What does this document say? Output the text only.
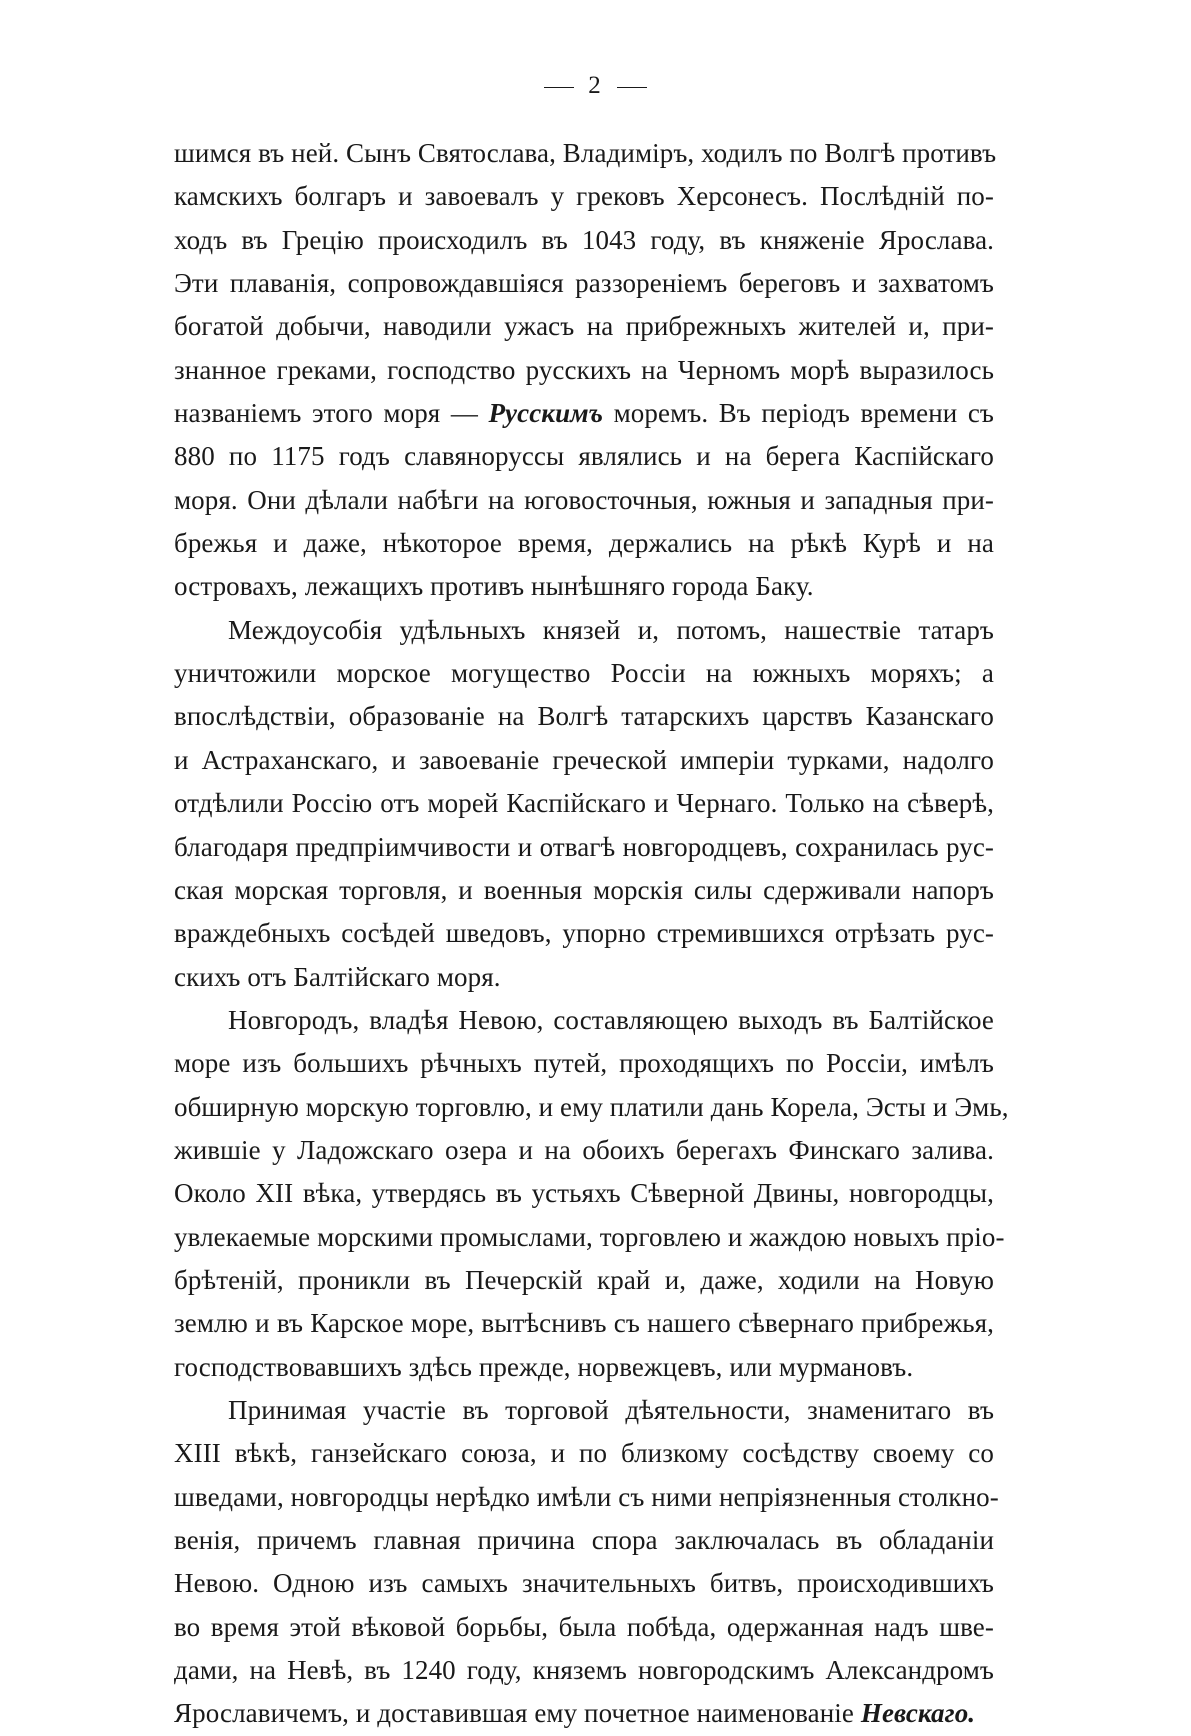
2
шимся въ ней. Сынъ Святослава, Владиміръ, ходилъ по Волгѣ противъ
камскихъ болгаръ и завоевалъ у грековъ Херсонесъ. Послѣдній по-
ходъ въ Грецію происходилъ въ 1043 году, въ княженіе Ярослава.
Эти плаванія, сопровождавшіяся раззореніемъ береговъ и захватомъ
богатой добычи, наводили ужасъ на прибрежныхъ жителей и, при-
знанное греками, господство русскихъ на Черномъ морѣ выразилось
названіемъ этого моря — Русскимъ моремъ. Въ періодъ времени съ
880 по 1175 годъ славянорусcы являлись и на берега Каспійскаго
моря. Они дѣлали набѣги на юговосточныя, южныя и западныя при-
брежья и даже, нѣкоторое время, держались на рѣкѣ Курѣ и на
островахъ, лежащихъ противъ нынѣшняго города Баку.
Междоусобія удѣльныхъ князей и, потомъ, нашествіе татаръ
уничтожили морское могущество Россіи на южныхъ моряхъ; а
впослѣдствіи, образованіе на Волгѣ татарскихъ царствъ Казанскаго
и Астраханскаго, и завоеваніе греческой имперіи турками, надолго
отдѣлили Россію отъ морей Каспійскаго и Чернаго. Только на сѣверѣ,
благодаря предпріимчивости и отвагѣ новгородцевъ, сохранилась рус-
ская морская торговля, и военныя морскія силы сдерживали напоръ
враждебныхъ сосѣдей шведовъ, упорно стремившихся отрѣзать рус-
скихъ отъ Балтійскаго моря.
Новгородъ, владѣя Невою, составляющею выходъ въ Балтійское
море изъ большихъ рѣчныхъ путей, проходящихъ по Россіи, имѣлъ
обширную морскую торговлю, и ему платили дань Корела, Эсты и Эмь,
жившіе у Ладожскаго озера и на обоихъ берегахъ Финскаго залива.
Около XII вѣка, утвердясь въ устьяхъ Сѣверной Двины, новгородцы,
увлекаемые морскими промыслами, торговлею и жаждою новыхъ пріо-
брѣтеній, проникли въ Печерскій край и, даже, ходили на Новую
землю и въ Карское море, вытѣснивъ съ нашего сѣвернаго прибрежья,
господствовавшихъ здѣсь прежде, норвежцевъ, или мурмановъ.
Принимая участіе въ торговой дѣятельности, знаменитаго въ
XIII вѣкѣ, ганзейскаго союза, и по близкому сосѣдству своему со
шведами, новгородцы нерѣдко имѣли съ ними непріязненныя столкно-
венія, причемъ главная причина спора заключалась въ обладаніи
Невою. Одною изъ самыхъ значительныхъ битвъ, происходившихъ
во время этой вѣковой борьбы, была побѣда, одержанная надъ шве-
дами, на Невѣ, въ 1240 году, княземъ новгородскимъ Александромъ
Ярославичемъ, и доставившая ему почетное наименованіе Невскаго.
